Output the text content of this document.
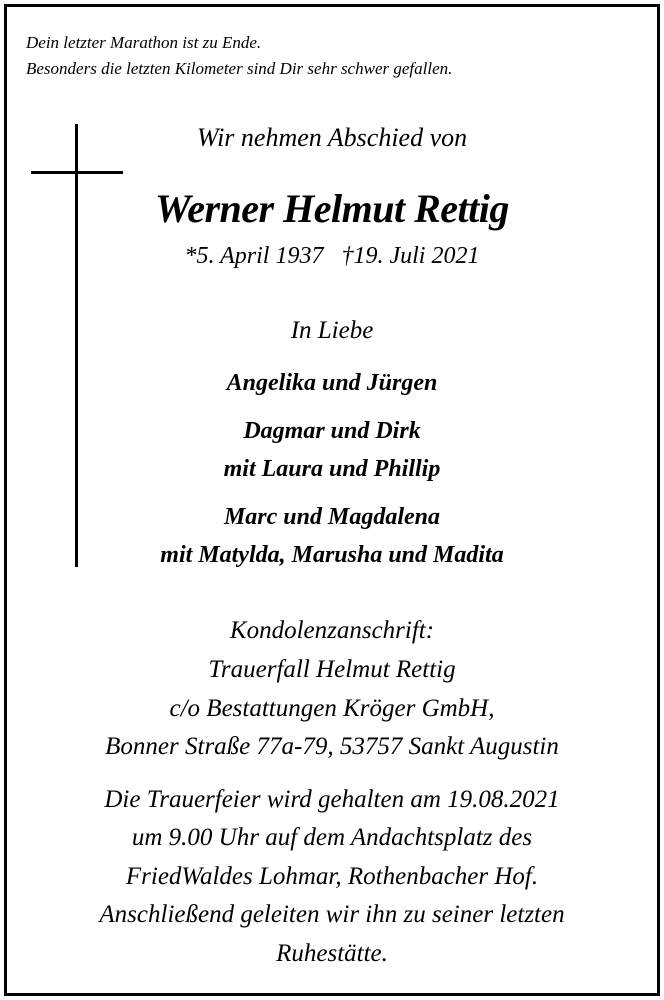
Dein letzter Marathon ist zu Ende.
Besonders die letzten Kilometer sind Dir sehr schwer gefallen.
Wir nehmen Abschied von
Werner Helmut Rettig
*5. April 1937   †19. Juli 2021
In Liebe
Angelika und Jürgen
Dagmar und Dirk
mit Laura und Phillip
Marc und Magdalena
mit Matylda, Marusha und Madita
Kondolenzanschrift:
Trauerfall Helmut Rettig
c/o Bestattungen Kröger GmbH,
Bonner Straße 77a-79, 53757 Sankt Augustin
Die Trauerfeier wird gehalten am 19.08.2021
um 9.00 Uhr auf dem Andachtsplatz des
FriedWaldes Lohmar, Rothenbacher Hof.
Anschließend geleiten wir ihn zu seiner letzten
Ruhestätte.
